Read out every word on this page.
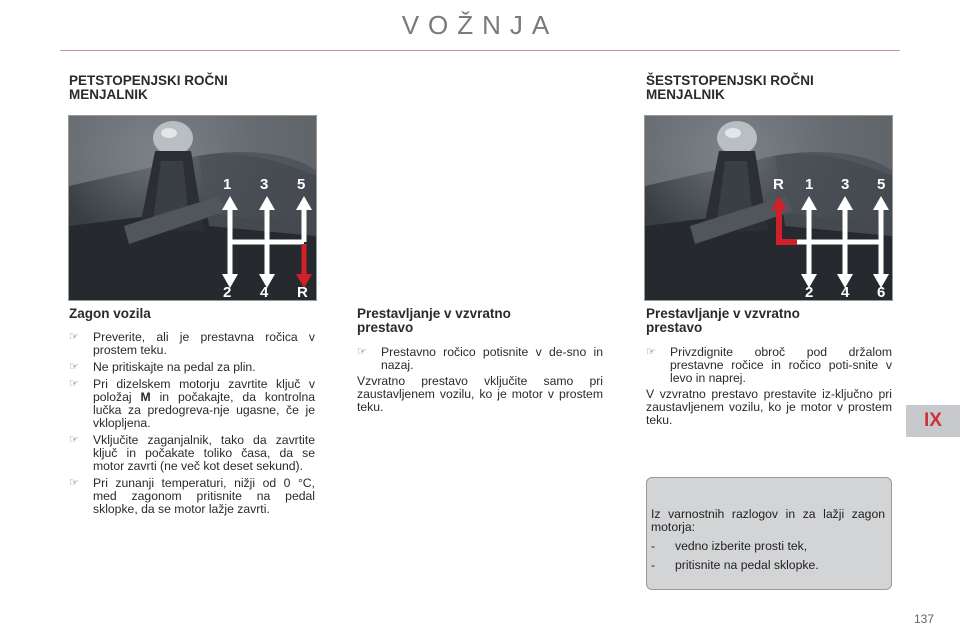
VOŽNJA
PETSTOPENJSKI ROČNI
MENJALNIK
1 3 5
2 4 R
Zagon vozila
☞ Preverite, ali je prestavna ročica v prostem teku.
☞ Ne pritiskajte na pedal za plin.
☞ Pri dizelskem motorju zavrtite ključ v položaj M in počakajte, da kontrolna lučka za predogreva-nje ugasne, če je vklopljena.
☞ Vključite zaganjalnik, tako da zavrtite ključ in počakate toliko časa, da se motor zavrti (ne več kot deset sekund).
☞ Pri zunanji temperaturi, nižji od 0 °C, med zagonom pritisnite na pedal sklopke, da se motor lažje zavrti.
Prestavljanje v vzvratno
prestavo
☞ Prestavno ročico potisnite v de-sno in nazaj.

Vzvratno prestavo vključite samo pri zaustavljenem vozilu, ko je motor v prostem teku.

ŠESTSTOPENJSKI ROČNI
MENJALNIK
R 1 3 5
2 4 6
Prestavljanje v vzvratno
prestavo
☞ Privzdignite obroč pod držalom prestavne ročice in ročico poti-snite v levo in naprej.

V vzvratno prestavo prestavite iz-ključno pri zaustavljenem vozilu, ko je motor v prostem teku.

Iz varnostnih razlogov in za lažji zagon motorja:

- vedno izberite prosti tek,
- pritisnite na pedal sklopke.
IX
137
